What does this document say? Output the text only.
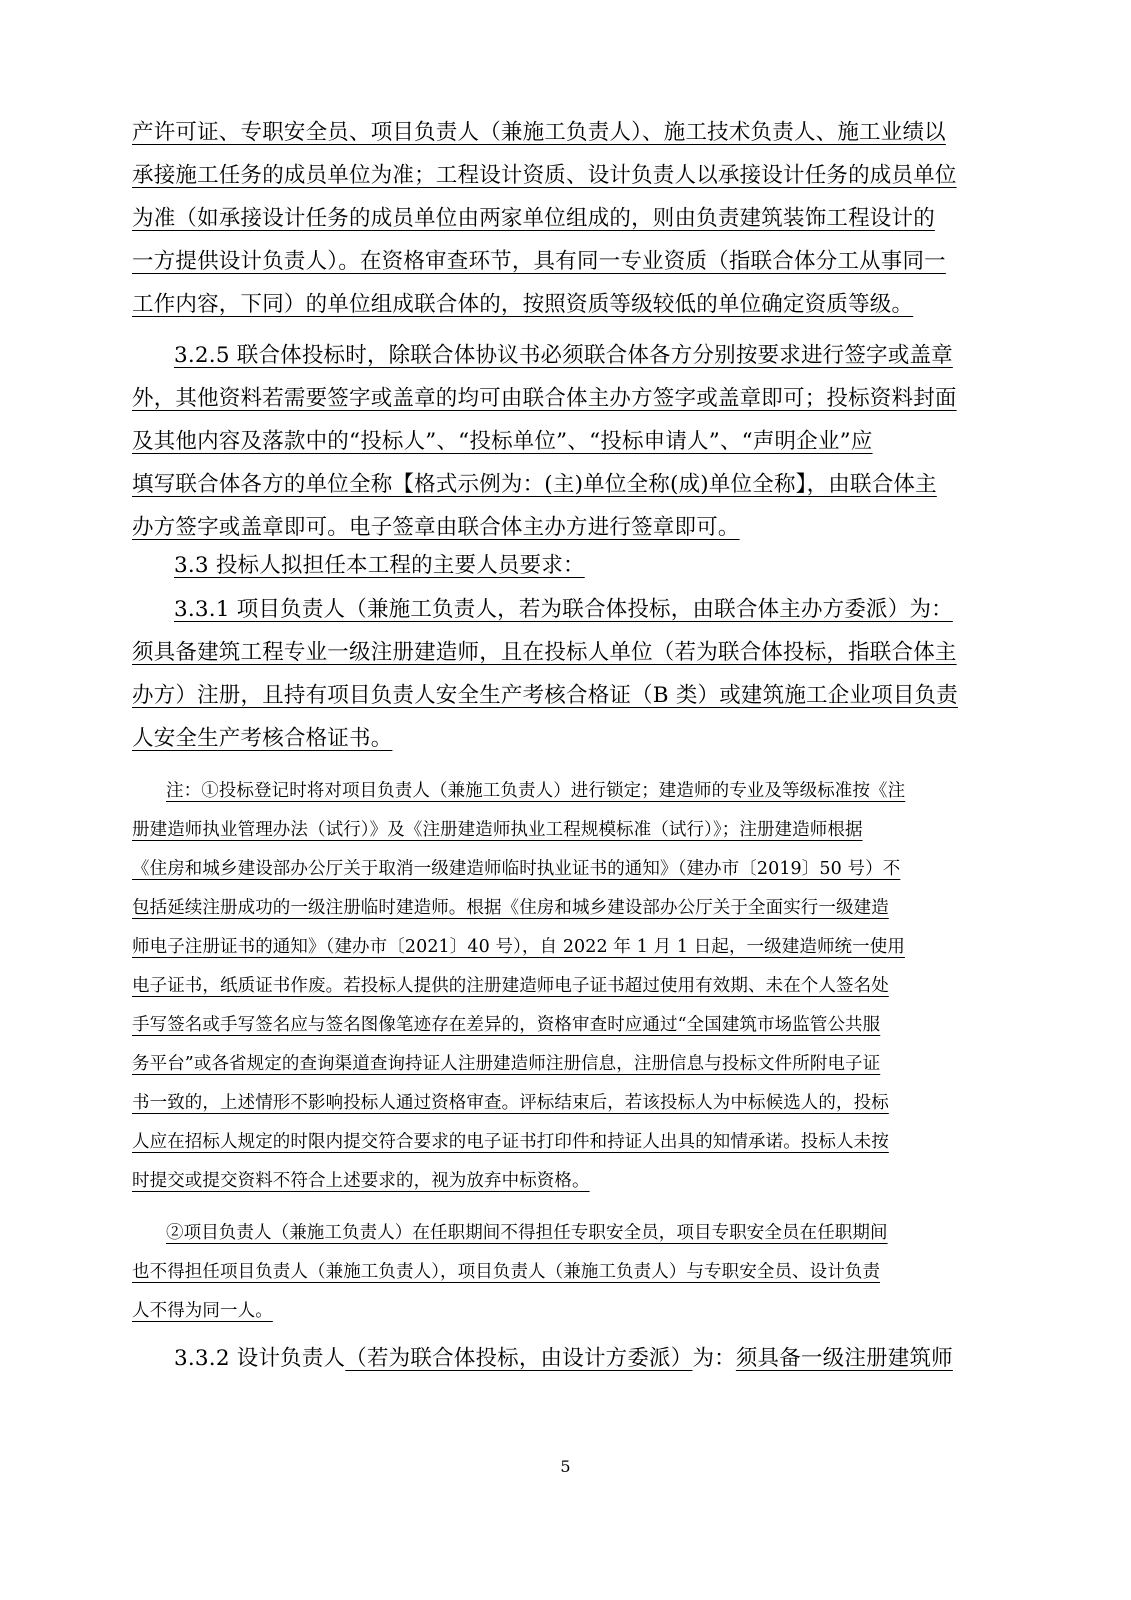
产许可证、专职安全员、项目负责人（兼施工负责人）、施工技术负责人、施工业绩以
承接施工任务的成员单位为准；工程设计资质、设计负责人以承接设计任务的成员单位
为准（如承接设计任务的成员单位由两家单位组成的，则由负责建筑装饰工程设计的
一方提供设计负责人）。在资格审查环节，具有同一专业资质（指联合体分工从事同一
工作内容，下同）的单位组成联合体的，按照资质等级较低的单位确定资质等级。
3.2.5 联合体投标时，除联合体协议书必须联合体各方分别按要求进行签字或盖章
外，其他资料若需要签字或盖章的均可由联合体主办方签字或盖章即可；投标资料封面
及其他内容及落款中的“投标人”、“投标单位”、“投标申请人”、“声明企业”应
填写联合体各方的单位全称【格式示例为：(主)单位全称(成)单位全称】，由联合体主
办方签字或盖章即可。电子签章由联合体主办方进行签章即可。
3.3 投标人拟担任本工程的主要人员要求：
3.3.1 项目负责人（兼施工负责人，若为联合体投标，由联合体主办方委派）为：
须具备建筑工程专业一级注册建造师，且在投标人单位（若为联合体投标，指联合体主
办方）注册，且持有项目负责人安全生产考核合格证（B 类）或建筑施工企业项目负责
人安全生产考核合格证书。
注：①投标登记时将对项目负责人（兼施工负责人）进行锁定；建造师的专业及等级标准按《注
册建造师执业管理办法（试行）》及《注册建造师执业工程规模标准（试行）》；注册建造师根据
《住房和城乡建设部办公厅关于取消一级建造师临时执业证书的通知》（建办市〔2019〕50 号）不
包括延续注册成功的一级注册临时建造师。根据《住房和城乡建设部办公厅关于全面实行一级建造
师电子注册证书的通知》（建办市〔2021〕40 号），自 2022 年 1 月 1 日起，一级建造师统一使用
电子证书，纸质证书作废。若投标人提供的注册建造师电子证书超过使用有效期、未在个人签名处
手写签名或手写签名应与签名图像笔迹存在差异的，资格审查时应通过“全国建筑市场监管公共服
务平台”或各省规定的查询渠道查询持证人注册建造师注册信息，注册信息与投标文件所附电子证
书一致的，上述情形不影响投标人通过资格审查。评标结束后，若该投标人为中标候选人的，投标
人应在招标人规定的时限内提交符合要求的电子证书打印件和持证人出具的知情承诺。投标人未按
时提交或提交资料不符合上述要求的，视为放弃中标资格。
②项目负责人（兼施工负责人）在任职期间不得担任专职安全员，项目专职安全员在任职期间
也不得担任项目负责人（兼施工负责人），项目负责人（兼施工负责人）与专职安全员、设计负责
人不得为同一人。
3.3.2 设计负责人（若为联合体投标，由设计方委派）为：须具备一级注册建筑师
5
